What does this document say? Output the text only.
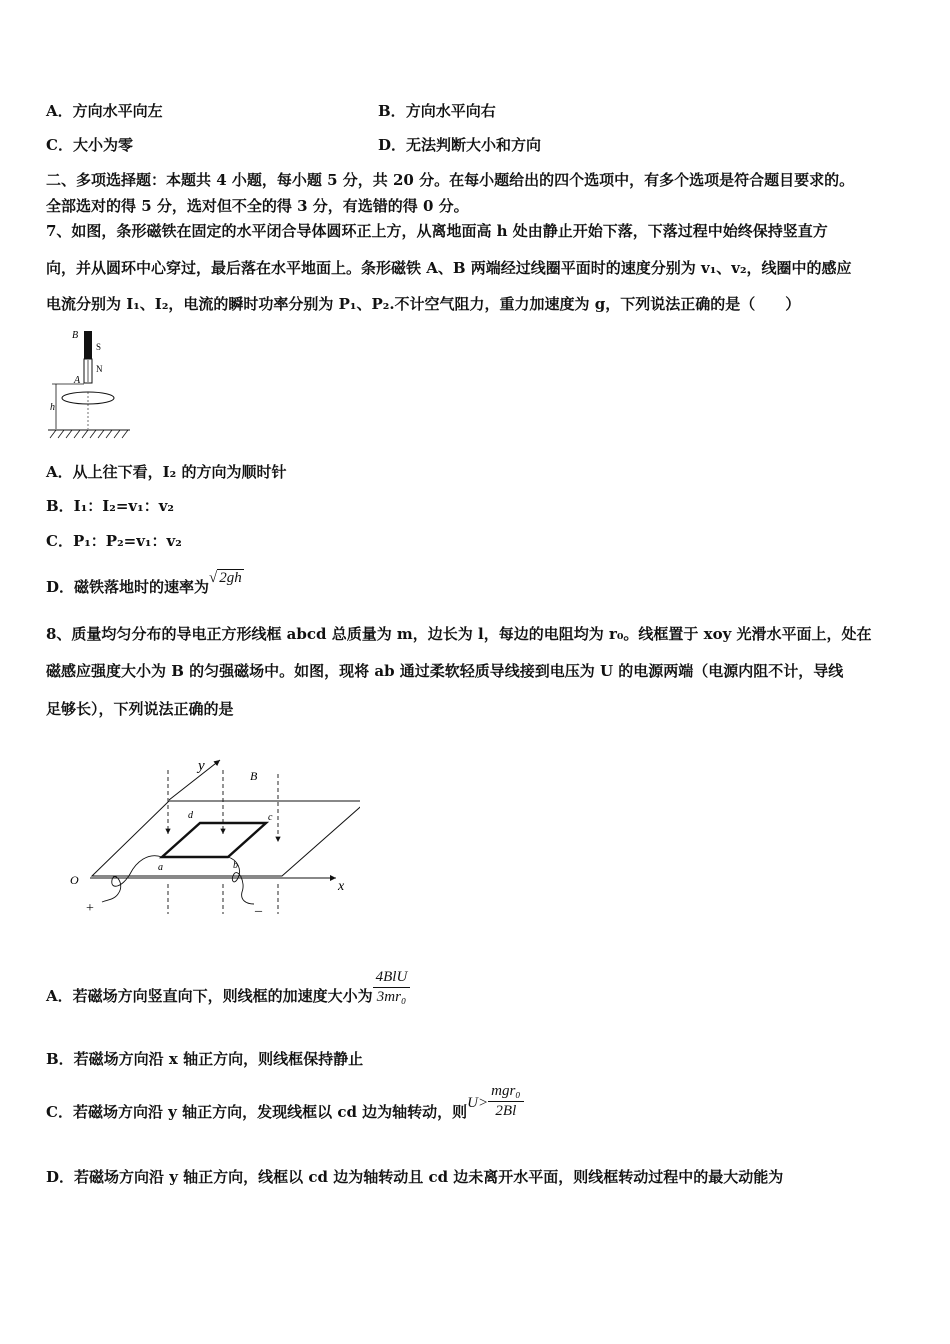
A．方向水平向左	B．方向水平向右
C．大小为零	D．无法判断大小和方向
二、多项选择题：本题共 4 小题，每小题 5 分，共 20 分。在每小题给出的四个选项中，有多个选项是符合题目要求的。
全部选对的得 5 分，选对但不全的得 3 分，有选错的得 0 分。
7、如图，条形磁铁在固定的水平闭合导体圆环正上方，从离地面高 h 处由静止开始下落，下落过程中始终保持竖直方
向，并从圆环中心穿过，最后落在水平地面上。条形磁铁 A、B 两端经过线圈平面时的速度分别为 v₁、v₂，线圈中的感应
电流分别为 I₁、I₂，电流的瞬时功率分别为 P₁、P₂.不计空气阻力，重力加速度为 g，下列说法正确的是（　　）
B
S
N
A
h
A．从上往下看，I₂ 的方向为顺时针
B．I₁：I₂=v₁：v₂
C．P₁：P₂=v₁：v₂
D．磁铁落地时的速率为√ 2gh
8、质量均匀分布的导电正方形线框 abcd 总质量为 m，边长为 l，每边的电阻均为 r₀。线框置于 xoy 光滑水平面上，处在
磁感应强度大小为 B 的匀强磁场中。如图，现将 ab 通过柔软轻质导线接到电压为 U 的电源两端（电源内阻不计，导线
足够长），下列说法正确的是
x
O
y
B
d	c
a	b
+	_
A．若磁场方向竖直向下，则线框的加速度大小为 $\frac{\text{4BlU}}{\text{3mr₀}}$
B．若磁场方向沿 x 轴正方向，则线框保持静止
C．若磁场方向沿 y 轴正方向，发现线框以 cd 边为轴转动，则$U> \frac{\text{mgr₀}}{2Bl}$
D．若磁场方向沿 y 轴正方向，线框以 cd 边为轴转动且 cd 边未离开水平面，则线框转动过程中的最大动能为
